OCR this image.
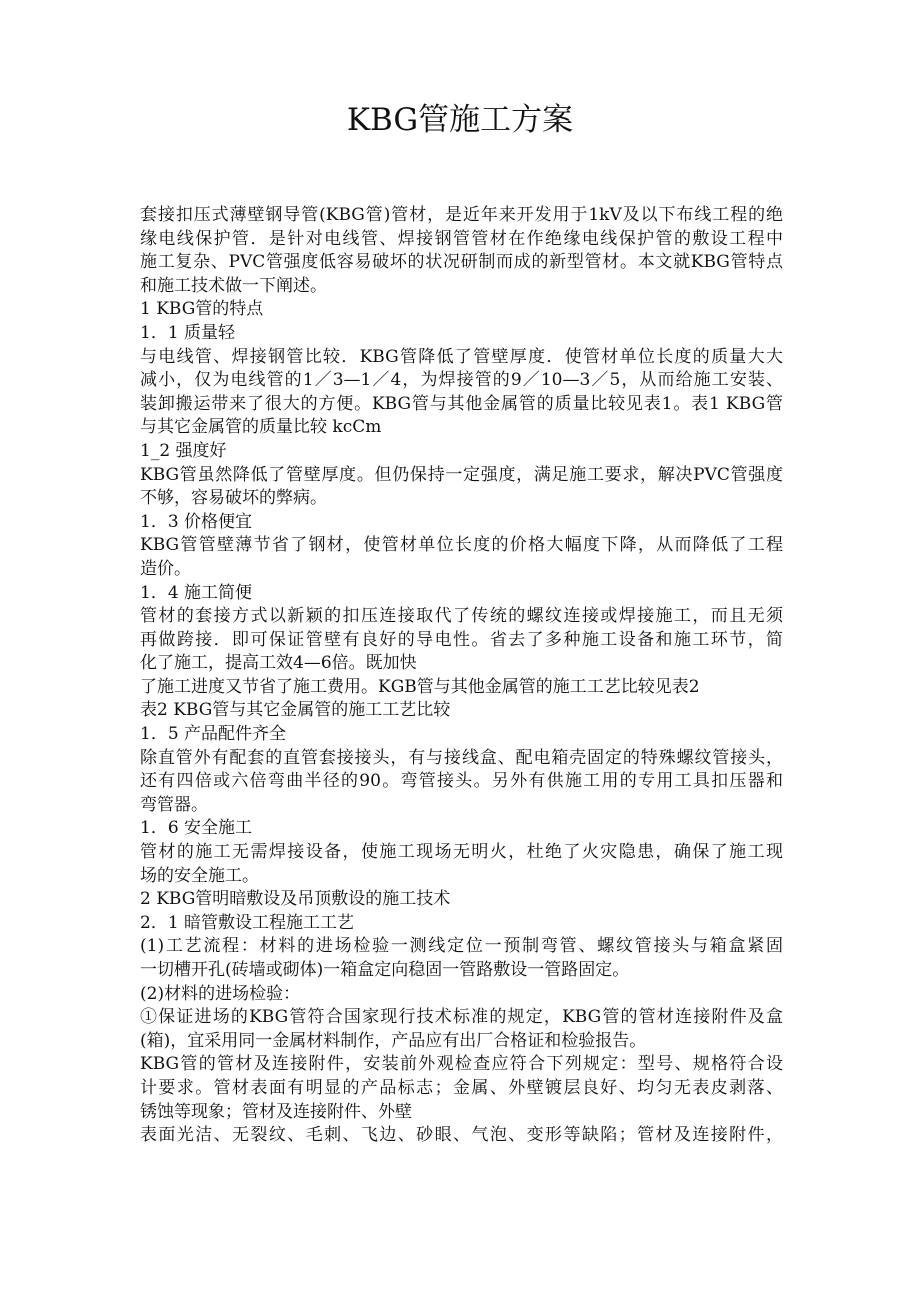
KBG管施工方案
套接扣压式薄壁钢导管(KBG管)管材，是近年来开发用于1kV及以下布线工程的绝
缘电线保护管．是针对电线管、焊接钢管管材在作绝缘电线保护管的敷设工程中
施工复杂、PVC管强度低容易破坏的状况研制而成的新型管材。本文就KBG管特点
和施工技术做一下阐述。
1 KBG管的特点
1．1 质量轻
与电线管、焊接钢管比较．KBG管降低了管壁厚度．使管材单位长度的质量大大
减小，仅为电线管的1／3—1／4，为焊接管的9／10—3／5，从而给施工安装、
装卸搬运带来了很大的方便。KBG管与其他金属管的质量比较见表1。表1 KBG管
与其它金属管的质量比较 kcCm
1_2 强度好
KBG管虽然降低了管壁厚度。但仍保持一定强度，满足施工要求，解决PVC管强度
不够，容易破坏的弊病。
1．3 价格便宜
KBG管管壁薄节省了钢材，使管材单位长度的价格大幅度下降，从而降低了工程
造价。
1．4 施工简便
管材的套接方式以新颖的扣压连接取代了传统的螺纹连接或焊接施工，而且无须
再做跨接．即可保证管壁有良好的导电性。省去了多种施工设备和施工环节，简
化了施工，提高工效4—6倍。既加快
了施工进度又节省了施工费用。KGB管与其他金属管的施工工艺比较见表2
表2 KBG管与其它金属管的施工工艺比较
1．5 产品配件齐全
除直管外有配套的直管套接接头，有与接线盒、配电箱壳固定的特殊螺纹管接头，
还有四倍或六倍弯曲半径的90。弯管接头。另外有供施工用的专用工具扣压器和
弯管器。
1．6 安全施工
管材的施工无需焊接设备，使施工现场无明火，杜绝了火灾隐患，确保了施工现
场的安全施工。
2 KBG管明暗敷设及吊顶敷设的施工技术
2．1 暗管敷设工程施工工艺
(1)工艺流程：材料的进场检验一测线定位一预制弯管、螺纹管接头与箱盒紧固
一切槽开孔(砖墙或砌体)一箱盒定向稳固一管路敷设一管路固定。
(2)材料的进场检验：
①保证进场的KBG管符合国家现行技术标准的规定，KBG管的管材连接附件及盒
(箱)，宜采用同一金属材料制作，产品应有出厂合格证和检验报告。
KBG管的管材及连接附件，安装前外观检查应符合下列规定：型号、规格符合设
计要求。管材表面有明显的产品标志；金属、外壁镀层良好、均匀无表皮剥落、
锈蚀等现象；管材及连接附件、外壁
表面光洁、无裂纹、毛刺、飞边、砂眼、气泡、变形等缺陷；管材及连接附件，
